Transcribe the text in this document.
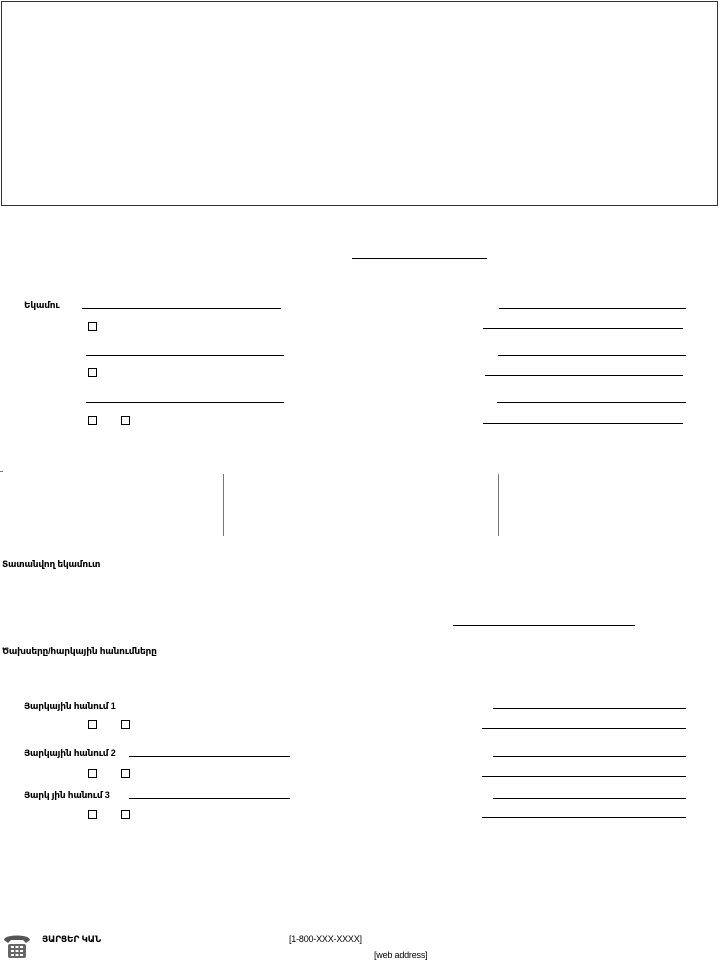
Եկամու
Տատանվող եկամուտ
Ծախսերը/հարկային հանումները
Յարկային հանում 1
Յարկային հանում 2
Յարկ յին հանում 3
ՅԱՐՑԵՐ ԿԱՆ	[1-800-XXX-XXXX]
[web address]
